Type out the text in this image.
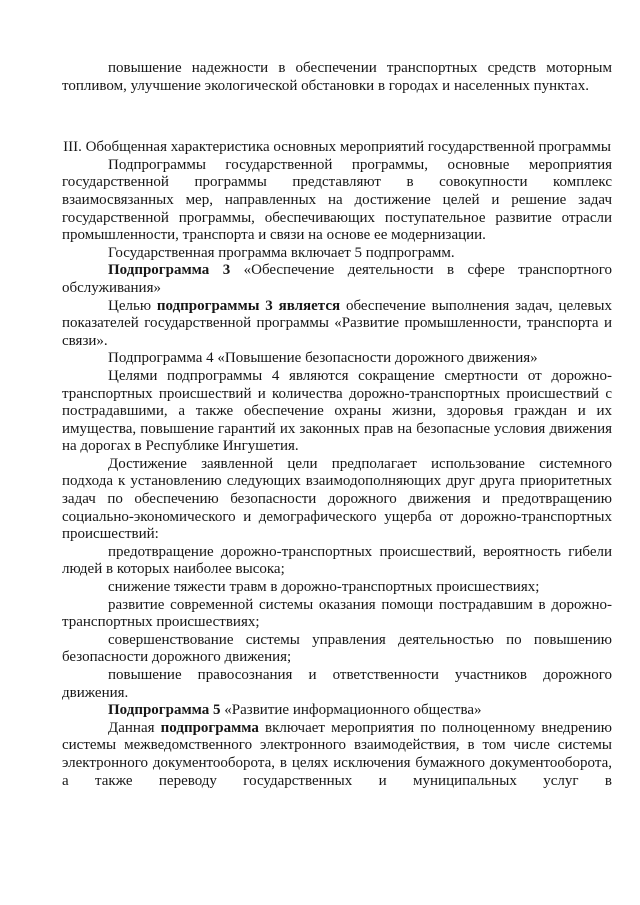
повышение надежности в обеспечении транспортных средств моторным топливом, улучшение экологической обстановки в городах и населенных пунктах.

III. Обобщенная характеристика основных мероприятий государственной программы

Подпрограммы государственной программы, основные мероприятия государственной программы представляют в совокупности комплекс взаимосвязанных мер, направленных на достижение целей и решение задач государственной программы, обеспечивающих поступательное развитие отрасли промышленности, транспорта и связи на основе ее модернизации.

Государственная программа включает 5 подпрограмм.

Подпрограмма 3 «Обеспечение деятельности в сфере транспортного обслуживания»

Целью подпрограммы 3 является обеспечение выполнения задач, целевых показателей государственной программы «Развитие промышленности, транспорта и связи».

Подпрограмма 4 «Повышение безопасности дорожного движения»

Целями подпрограммы 4 являются сокращение смертности от дорожно-транспортных происшествий и количества дорожно-транспортных происшествий с пострадавшими, а также обеспечение охраны жизни, здоровья граждан и их имущества, повышение гарантий их законных прав на безопасные условия движения на дорогах в Республике Ингушетия.

Достижение заявленной цели предполагает использование системного подхода к установлению следующих взаимодополняющих друг друга приоритетных задач по обеспечению безопасности дорожного движения и предотвращению социально-экономического и демографического ущерба от дорожно-транспортных происшествий:

предотвращение дорожно-транспортных происшествий, вероятность гибели людей в которых наиболее высока;

снижение тяжести травм в дорожно-транспортных происшествиях;

развитие современной системы оказания помощи пострадавшим в дорожно-транспортных происшествиях;

совершенствование системы управления деятельностью по повышению безопасности дорожного движения;

повышение правосознания и ответственности участников дорожного движения.

Подпрограмма 5 «Развитие информационного общества»

Данная подпрограмма включает мероприятия по полноценному внедрению системы межведомственного электронного взаимодействия, в том числе системы электронного документооборота, в целях исключения бумажного документооборота, а также переводу государственных и муниципальных услуг в
